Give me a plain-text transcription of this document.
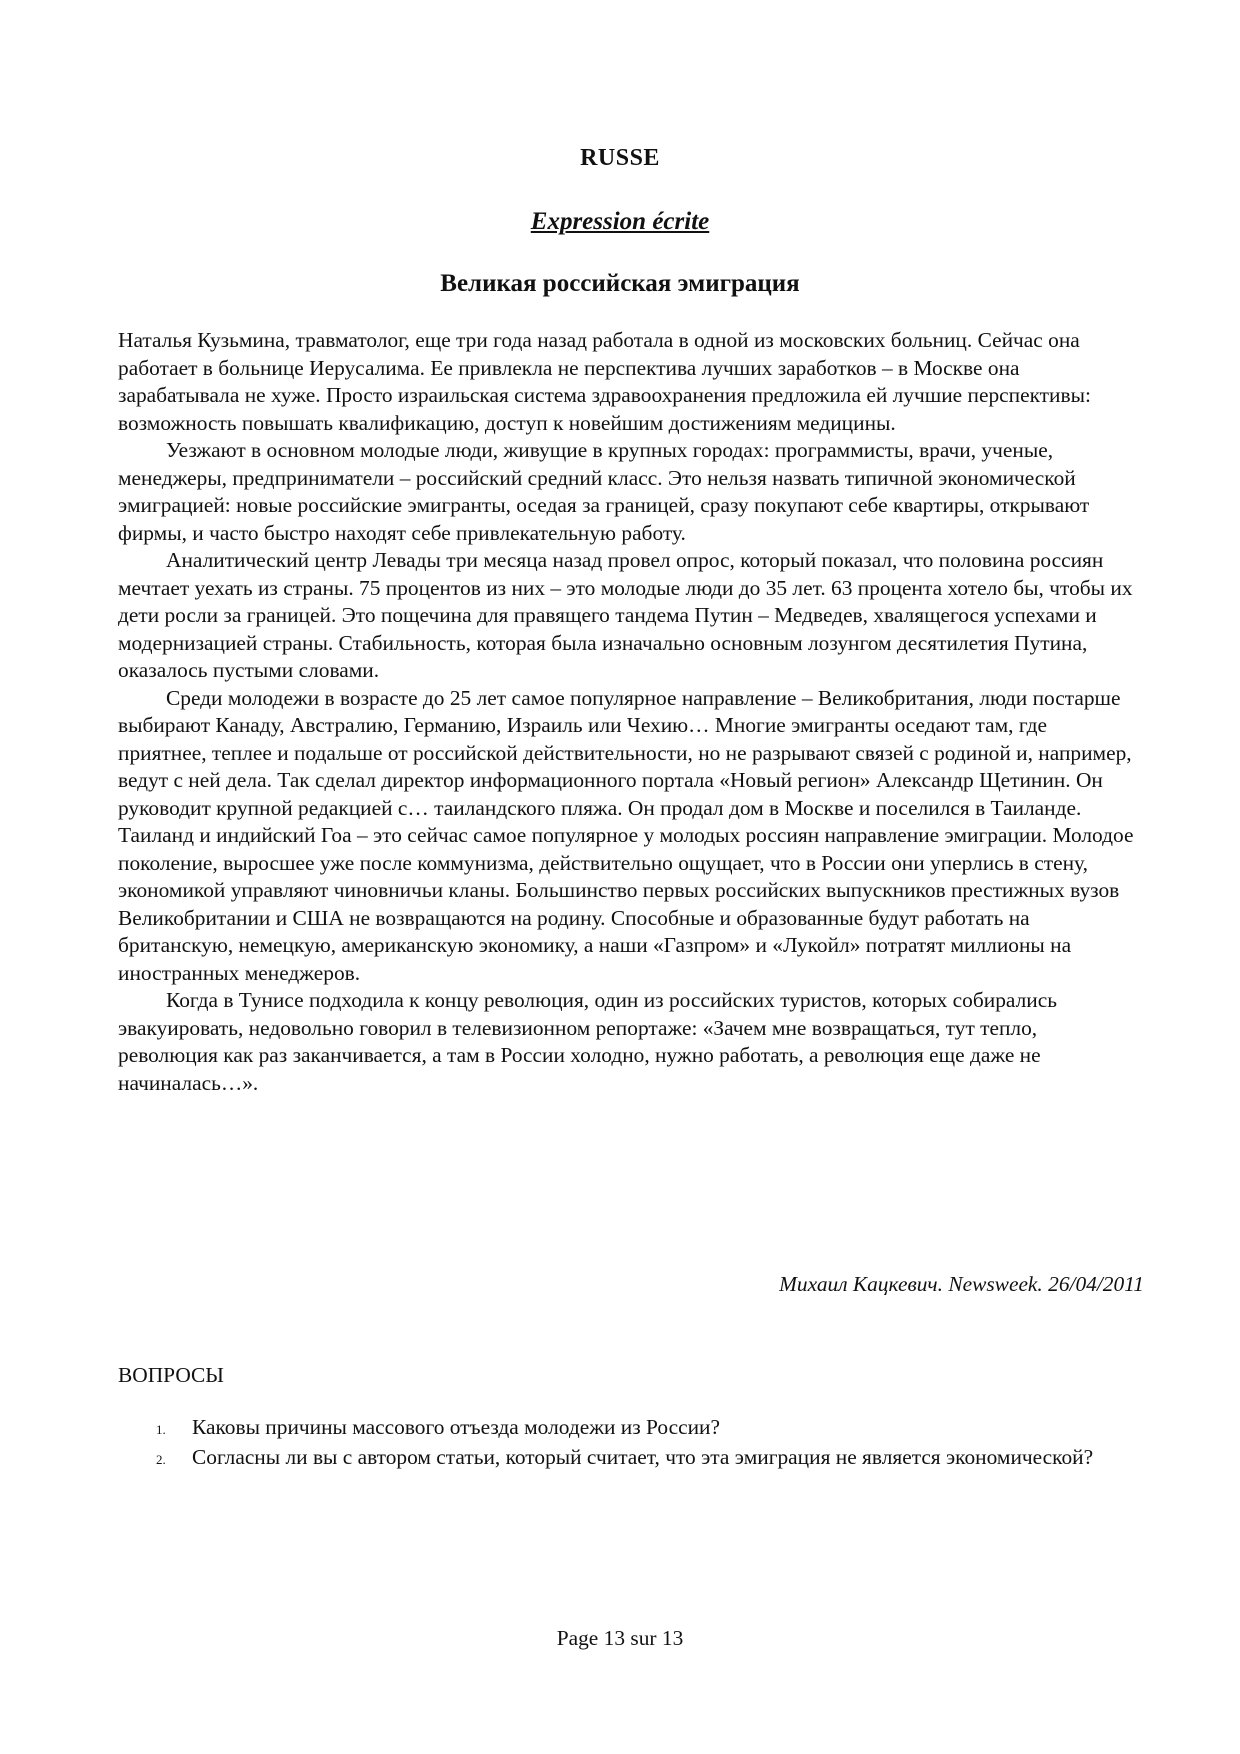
RUSSE
Expression écrite
Великая российская эмиграция

Наталья Кузьмина, травматолог, еще три года назад работала в одной из московских больниц. Сейчас она работает в больнице Иерусалима. Ее привлекла не перспектива лучших заработков – в Москве она зарабатывала не хуже. Просто израильская система здравоохранения предложила ей лучшие перспективы: возможность повышать квалификацию, доступ к новейшим достижениям медицины.

Уезжают в основном молодые люди, живущие в крупных городах: программисты, врачи, ученые, менеджеры, предприниматели – российский средний класс. Это нельзя назвать типичной экономической эмиграцией: новые российские эмигранты, оседая за границей, сразу покупают себе квартиры, открывают фирмы, и часто быстро находят себе привлекательную работу.

Аналитический центр Левады три месяца назад провел опрос, который показал, что половина россиян мечтает уехать из страны. 75 процентов из них – это молодые люди до 35 лет. 63 процента хотело бы, чтобы их дети росли за границей. Это пощечина для правящего тандема Путин – Медведев, хвалящегося успехами и модернизацией страны. Стабильность, которая была изначально основным лозунгом десятилетия Путина, оказалось пустыми словами.

Среди молодежи в возрасте до 25 лет самое популярное направление – Великобритания, люди постарше выбирают Канаду, Австралию, Германию, Израиль или Чехию… Многие эмигранты оседают там, где приятнее, теплее и подальше от российской действительности, но не разрывают связей с родиной и, например, ведут с ней дела. Так сделал директор информационного портала «Новый регион» Александр Щетинин. Он руководит крупной редакцией с… таиландского пляжа. Он продал дом в Москве и поселился в Таиланде. Таиланд и индийский Гоа – это сейчас самое популярное у молодых россиян направление эмиграции. Молодое поколение, выросшее уже после коммунизма, действительно ощущает, что в России они уперлись в стену, экономикой управляют чиновничьи кланы. Большинство первых российских выпускников престижных вузов Великобритании и США не возвращаются на родину. Способные и образованные будут работать на британскую, немецкую, американскую экономику, а наши «Газпром» и «Лукойл» потратят миллионы на иностранных менеджеров.

Когда в Тунисе подходила к концу революция, один из российских туристов, которых собирались эвакуировать, недовольно говорил в телевизионном репортаже: «Зачем мне возвращаться, тут тепло, революция как раз заканчивается, а там в России холодно, нужно работать, а революция еще даже не начиналась…».

Михаил Кацкевич. Newsweek. 26/04/2011

ВОПРОСЫ

1. Каковы причины массового отъезда молодежи из России?
2. Согласны ли вы с автором статьи, который считает, что эта эмиграция не является экономической?

Page 13 sur 13
